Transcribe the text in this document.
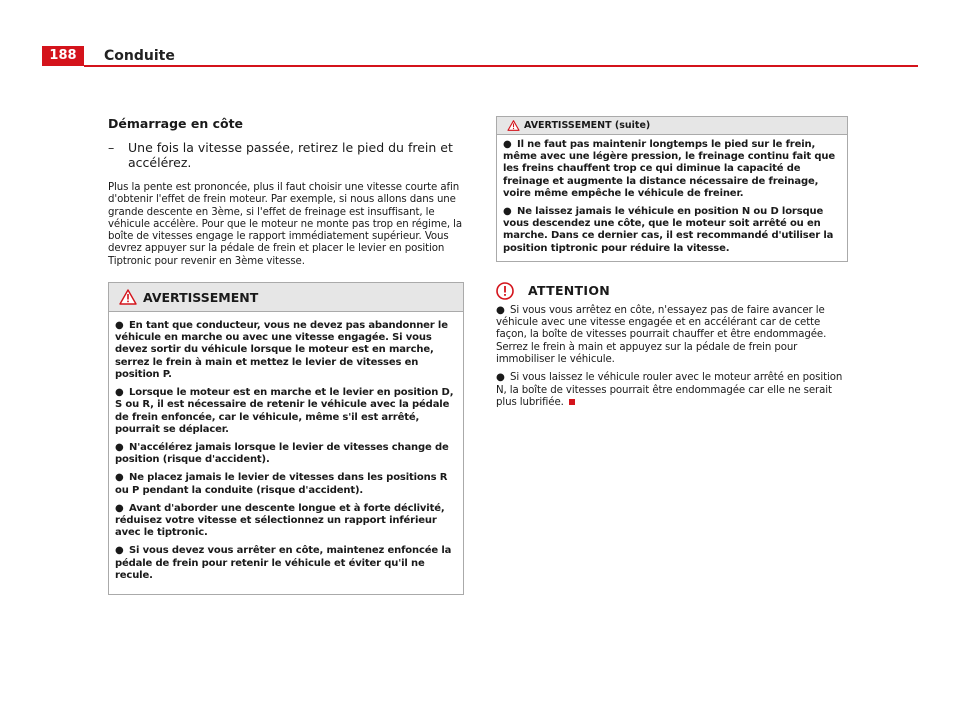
188	Conduite

Démarrage en côte

–	Une fois la vitesse passée, retirez le pied du frein et accélérez.

Plus la pente est prononcée, plus il faut choisir une vitesse courte afin d'obtenir l'effet de frein moteur. Par exemple, si nous allons dans une grande descente en 3ème, si l'effet de freinage est insuffisant, le véhicule accélère. Pour que le moteur ne monte pas trop en régime, la boîte de vitesses engage le rapport immédiatement supérieur. Vous devrez appuyer sur la pédale de frein et placer le levier en position Tiptronic pour revenir en 3ème vitesse.

AVERTISSEMENT

● En tant que conducteur, vous ne devez pas abandonner le véhicule en marche ou avec une vitesse engagée. Si vous devez sortir du véhicule lorsque le moteur est en marche, serrez le frein à main et mettez le levier de vitesses en position P.

● Lorsque le moteur est en marche et le levier en position D, S ou R, il est nécessaire de retenir le véhicule avec la pédale de frein enfoncée, car le véhicule, même s'il est arrêté, pourrait se déplacer.

● N'accélérez jamais lorsque le levier de vitesses change de position (risque d'accident).

● Ne placez jamais le levier de vitesses dans les positions R ou P pendant la conduite (risque d'accident).

● Avant d'aborder une descente longue et à forte déclivité, réduisez votre vitesse et sélectionnez un rapport inférieur avec le tiptronic.

● Si vous devez vous arrêter en côte, maintenez enfoncée la pédale de frein pour retenir le véhicule et éviter qu'il ne recule.

AVERTISSEMENT (suite)

● Il ne faut pas maintenir longtemps le pied sur le frein, même avec une légère pression, le freinage continu fait que les freins chauffent trop ce qui diminue la capacité de freinage et augmente la distance nécessaire de freinage, voire même empêche le véhicule de freiner.

● Ne laissez jamais le véhicule en position N ou D lorsque vous descendez une côte, que le moteur soit arrêté ou en marche. Dans ce dernier cas, il est recommandé d'utiliser la position tiptronic pour réduire la vitesse.

ATTENTION

● Si vous vous arrêtez en côte, n'essayez pas de faire avancer le véhicule avec une vitesse engagée et en accélérant car de cette façon, la boîte de vitesses pourrait chauffer et être endommagée. Serrez le frein à main et appuyez sur la pédale de frein pour immobiliser le véhicule.

● Si vous laissez le véhicule rouler avec le moteur arrêté en position N, la boîte de vitesses pourrait être endommagée car elle ne serait plus lubrifiée.
